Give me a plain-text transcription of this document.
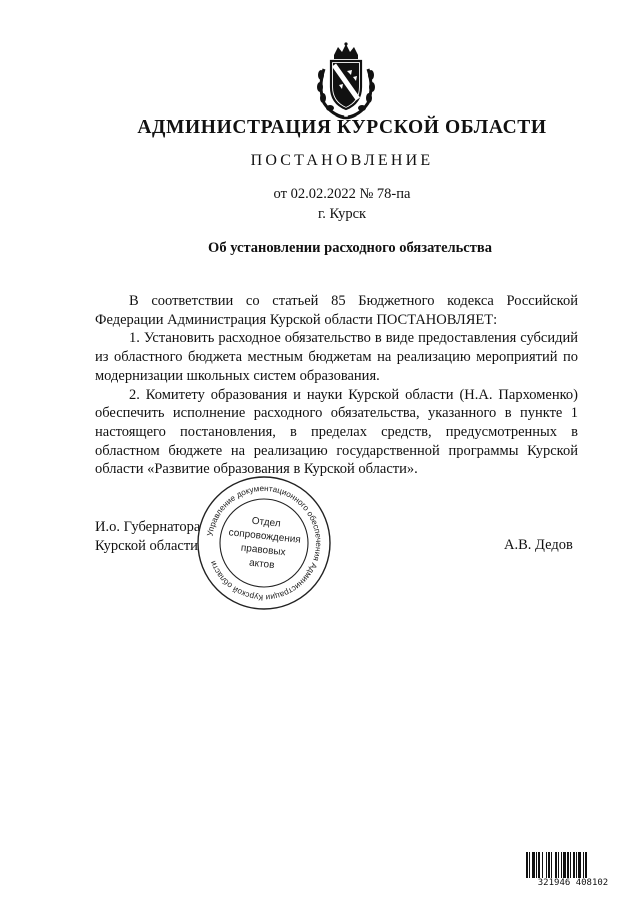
АДМИНИСТРАЦИЯ КУРСКОЙ ОБЛАСТИ
ПОСТАНОВЛЕНИЕ
от 02.02.2022 № 78-па
г. Курск
Об установлении расходного обязательства

В соответствии со статьей 85 Бюджетного кодекса Российской Федерации Администрация Курской области ПОСТАНОВЛЯЕТ:

1. Установить расходное обязательство в виде предоставления субсидий из областного бюджета местным бюджетам на реализацию мероприятий по модернизации школьных систем образования.

2. Комитету образования и науки Курской области (Н.А. Пархоменко) обеспечить исполнение расходного обязательства, указанного в пункте 1 настоящего постановления, в пределах средств, предусмотренных в областном бюджете на реализацию государственной программы Курской области «Развитие образования в Курской области».

И.о. Губернатора
Курской области	А.В. Дедов
Управление документационного обеспечения Администрации Курской области
Отдел
сопровождения
правовых
актов
321946 408102
